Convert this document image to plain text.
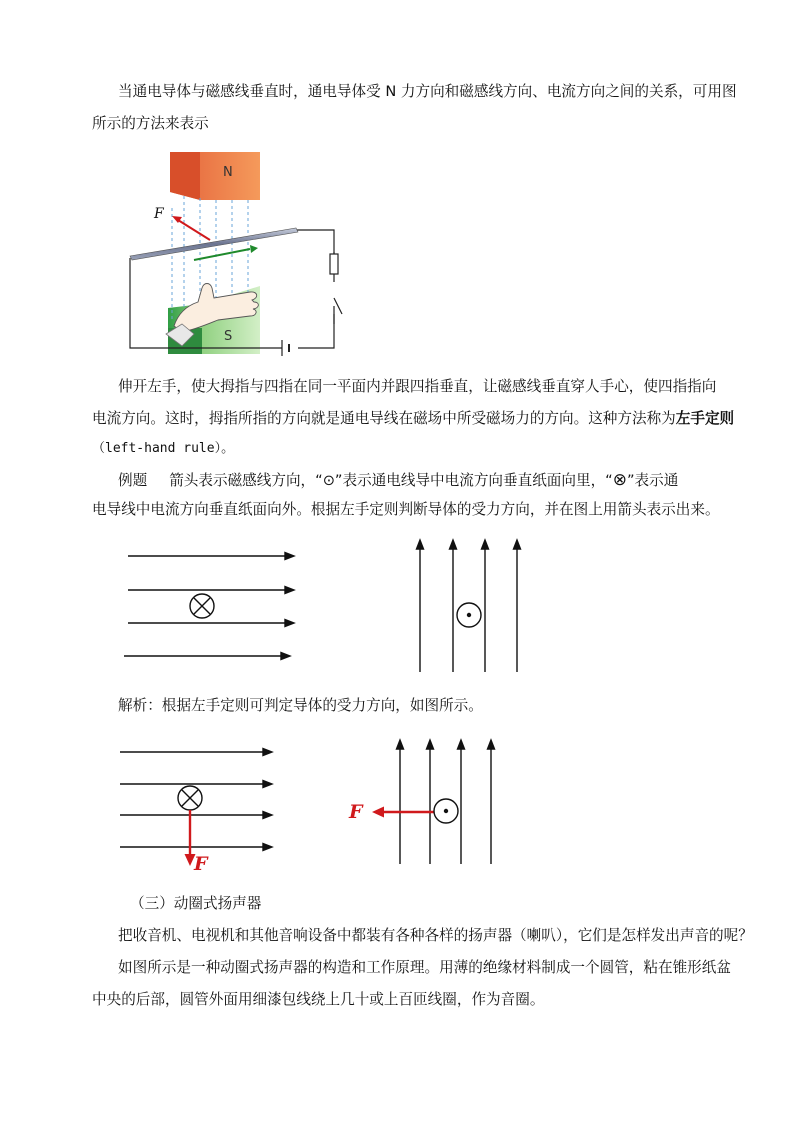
当通电导体与磁感线垂直时，通电导体受 N 力方向和磁感线方向、电流方向之间的关系，可用图
所示的方法来表示
N
S
F
伸开左手，使大拇指与四指在同一平面内并跟四指垂直，让磁感线垂直穿人手心，使四指指向
电流方向。这时，拇指所指的方向就是通电导线在磁场中所受磁场力的方向。这种方法称为左手定则
（left-hand rule）。
例题 箭头表示磁感线方向，“⊙”表示通电线导中电流方向垂直纸面向里，“⊗”表示通
电导线中电流方向垂直纸面向外。根据左手定则判断导体的受力方向，并在图上用箭头表示出来。
解析：根据左手定则可判定导体的受力方向，如图所示。
F
F
（三）动圈式扬声器
把收音机、电视机和其他音响设备中都装有各种各样的扬声器（喇叭），它们是怎样发出声音的呢？
如图所示是一种动圈式扬声器的构造和工作原理。用薄的绝缘材料制成一个圆管，粘在锥形纸盆
中央的后部，圆管外面用细漆包线绕上几十或上百匝线圈，作为音圈。
